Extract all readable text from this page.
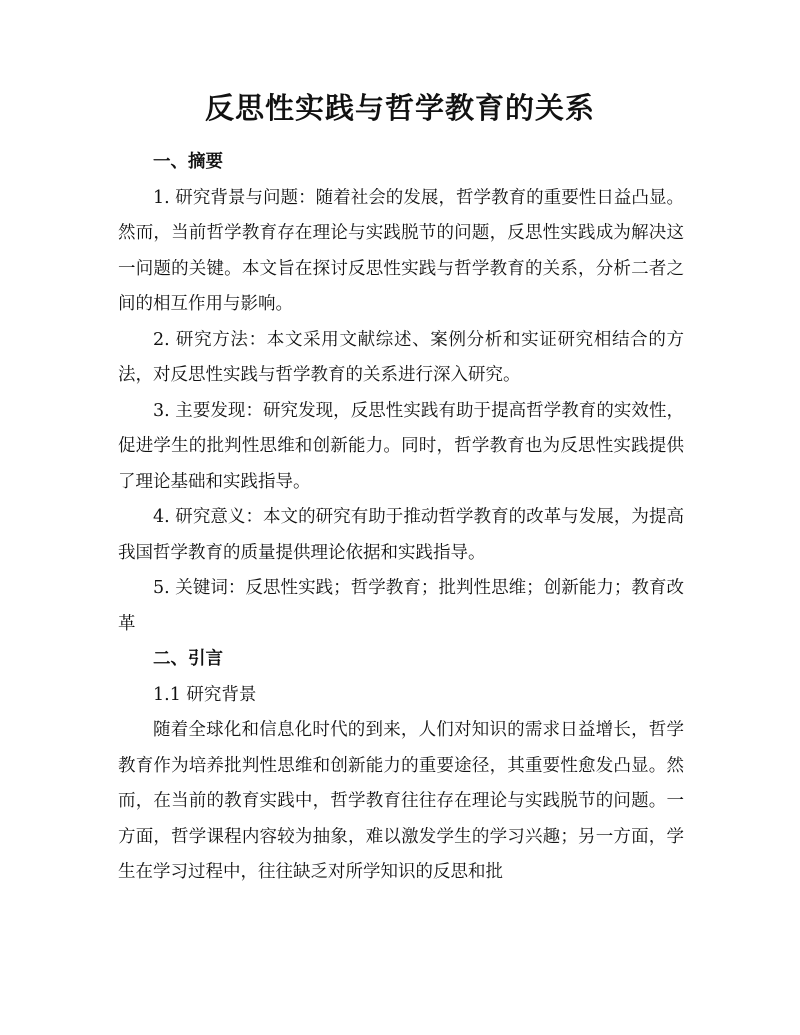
反思性实践与哲学教育的关系
一、摘要
1. 研究背景与问题：随着社会的发展，哲学教育的重要性日益凸显。然而，当前哲学教育存在理论与实践脱节的问题，反思性实践成为解决这一问题的关键。本文旨在探讨反思性实践与哲学教育的关系，分析二者之间的相互作用与影响。
2. 研究方法：本文采用文献综述、案例分析和实证研究相结合的方法，对反思性实践与哲学教育的关系进行深入研究。
3. 主要发现：研究发现，反思性实践有助于提高哲学教育的实效性，促进学生的批判性思维和创新能力。同时，哲学教育也为反思性实践提供了理论基础和实践指导。
4. 研究意义：本文的研究有助于推动哲学教育的改革与发展，为提高我国哲学教育的质量提供理论依据和实践指导。
5. 关键词：反思性实践；哲学教育；批判性思维；创新能力；教育改革
二、引言
1.1 研究背景
随着全球化和信息化时代的到来，人们对知识的需求日益增长，哲学教育作为培养批判性思维和创新能力的重要途径，其重要性愈发凸显。然而，在当前的教育实践中，哲学教育往往存在理论与实践脱节的问题。一方面，哲学课程内容较为抽象，难以激发学生的学习兴趣；另一方面，学生在学习过程中，往往缺乏对所学知识的反思和批
